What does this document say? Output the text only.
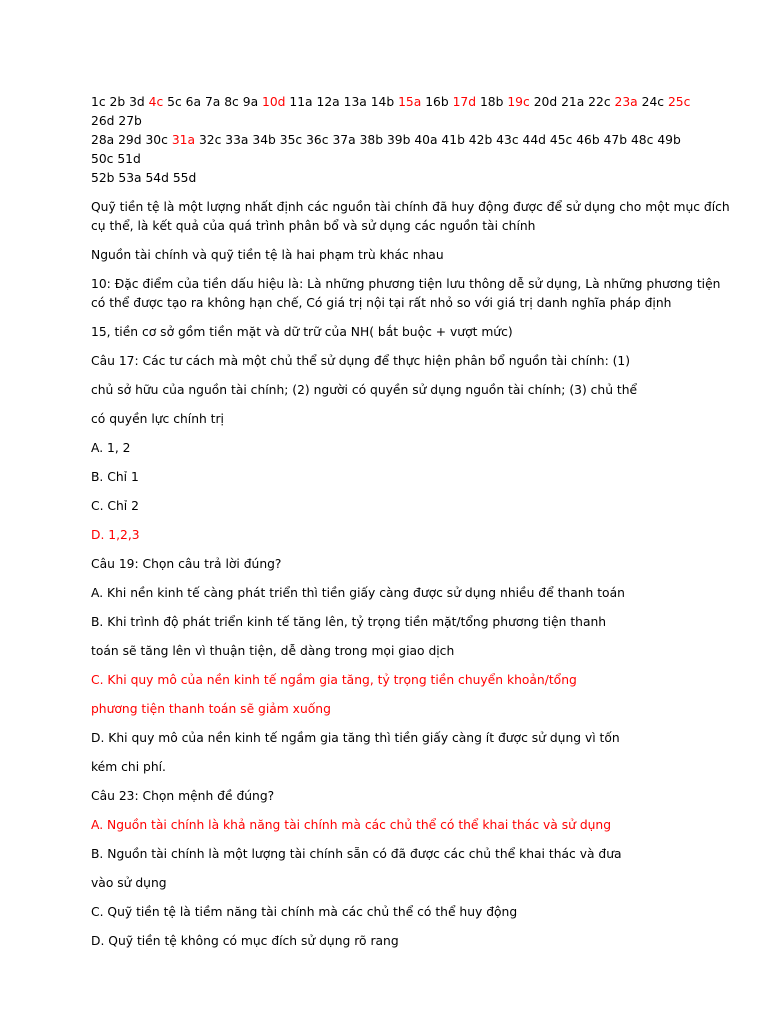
1c 2b 3d 4c 5c 6a 7a 8c 9a 10d 11a 12a 13a 14b 15a 16b 17d 18b 19c 20d 21a 22c 23a 24c 25c 26d 27b
28a 29d 30c 31a 32c 33a 34b 35c 36c 37a 38b 39b 40a 41b 42b 43c 44d 45c 46b 47b 48c 49b 50c 51d
52b 53a 54d 55d

Quỹ tiền tệ là một lượng nhất định các nguồn tài chính đã huy động được để sử dụng cho một mục đích

cụ thể, là kết quả của quá trình phân bổ và sử dụng các nguồn tài chính

Nguồn tài chính và quỹ tiền tệ là hai phạm trù khác nhau

10: Đặc điểm của tiền dấu hiệu là: Là những phương tiện lưu thông dễ sử dụng, Là những phương tiện

có thể được tạo ra không hạn chế, Có giá trị nội tại rất nhỏ so với giá trị danh nghĩa pháp định

15, tiền cơ sở gồm tiền mặt và dữ trữ của NH( bắt buộc + vượt mức)

Câu 17: Các tư cách mà một chủ thể sử dụng để thực hiện phân bổ nguồn tài chính: (1)

chủ sở hữu của nguồn tài chính; (2) người có quyền sử dụng nguồn tài chính; (3) chủ thể

có quyền lực chính trị

A. 1, 2

B. Chỉ 1

C. Chỉ 2

D. 1,2,3

Câu 19: Chọn câu trả lời đúng?

A. Khi nền kinh tế càng phát triển thì tiền giấy càng được sử dụng nhiều để thanh toán

B. Khi trình độ phát triển kinh tế tăng lên, tỷ trọng tiền mặt/tổng phương tiện thanh

toán sẽ tăng lên vì thuận tiện, dễ dàng trong mọi giao dịch

C. Khi quy mô của nền kinh tế ngầm gia tăng, tỷ trọng tiền chuyển khoản/tổng

phương tiện thanh toán sẽ giảm xuống

D. Khi quy mô của nền kinh tế ngầm gia tăng thì tiền giấy càng ít được sử dụng vì tốn

kém chi phí.

Câu 23: Chọn mệnh đề đúng?

A. Nguồn tài chính là khả năng tài chính mà các chủ thể có thể khai thác và sử dụng

B. Nguồn tài chính là một lượng tài chính sẵn có đã được các chủ thể khai thác và đưa

vào sử dụng

C. Quỹ tiền tệ là tiềm năng tài chính mà các chủ thể có thể huy động

D. Quỹ tiền tệ không có mục đích sử dụng rõ rang
